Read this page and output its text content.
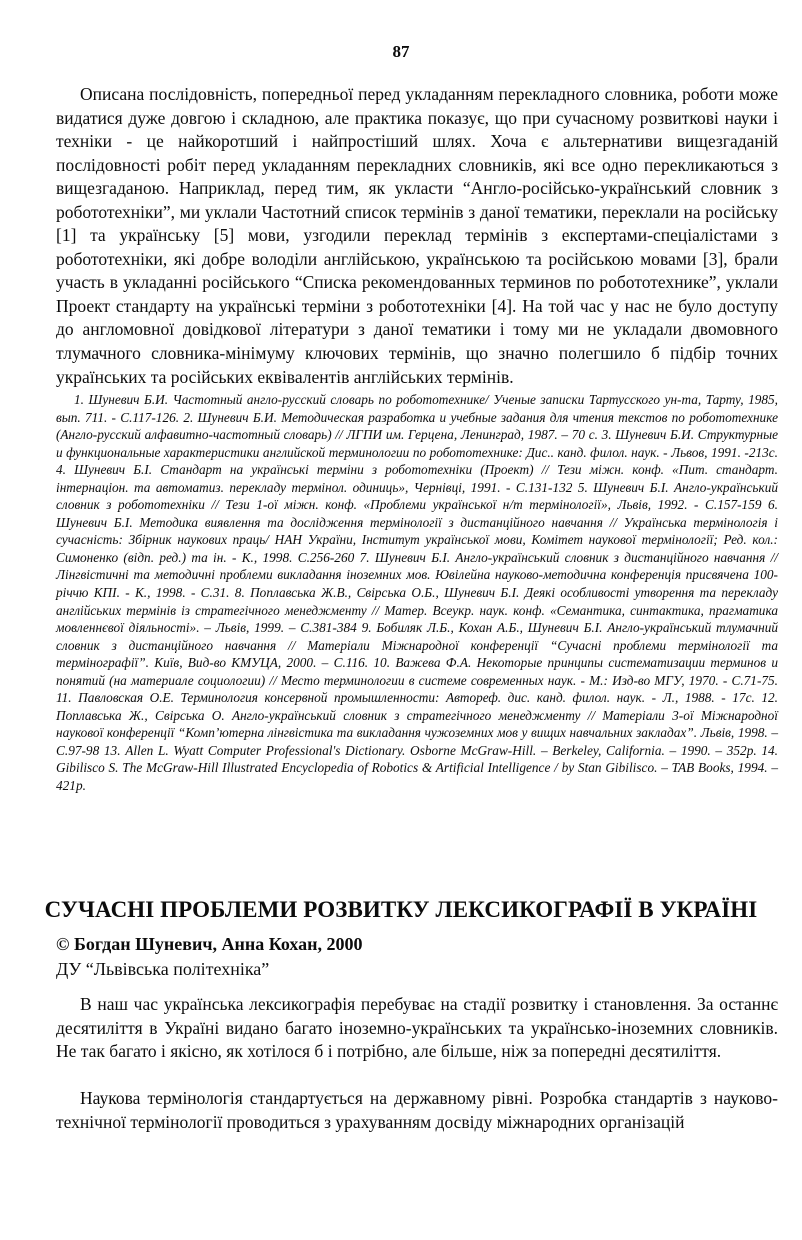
87

Описана послідовність, попередньої перед укладанням перекладного словника, роботи може видатися дуже довгою і складною, але практика показує, що при сучасному розвиткові науки і техніки - це найкоротший і найпростіший шлях. Хоча є альтернативи вищезгаданій послідовності робіт перед укладанням перекладних словників, які все одно перекликаються з вищезгаданою. Наприклад, перед тим, як укласти “Англо-російсько-український словник з робототехніки”, ми уклали Частотний список термінів з даної тематики, переклали на російську [1] та українську [5] мови, узгодили переклад термінів з експертами-спеціалістами з робототехніки, які добре володіли англійською, українською та російською мовами [3], брали участь в укладанні російського “Списка рекомендованных терминов по робототехнике”, уклали Проект стандарту на українські терміни з робототехніки [4]. На той час у нас не було доступу до англомовної довідкової літератури з даної тематики і тому ми не укладали двомовного тлумачного словника-мінімуму ключових термінів, що значно полегшило б підбір точних українських та російських еквівалентів англійських термінів.

1. Шуневич Б.И. Частотный англо-русский словарь по робототехнике/ Ученые записки Тартусского ун-та, Тарту, 1985, вып. 711. - С.117-126. 2. Шуневич Б.И. Методическая разработка и учебные задания для чтения текстов по робототехнике (Англо-русский алфавитно-частотный словарь) // ЛГПИ им. Герцена, Ленинград, 1987. – 70 с. 3. Шуневич Б.И. Структурные и функциональные характеристики английской терминологии по робототехнике: Дис.. канд. филол. наук. - Львов, 1991. -213с. 4. Шуневич Б.І. Стандарт на українські терміни з робототехніки (Проект) // Тези міжн. конф. «Пит. стандарт. інтернаціон. та автоматиз. перекладу термінол. одиниць», Чернівці, 1991. - С.131-132 5. Шуневич Б.І. Англо-український словник з робототехніки // Тези 1-ої міжн. конф. «Проблеми української н/т термінології», Львів, 1992. - С.157-159 6. Шуневич Б.І. Методика виявлення та дослідження термінології з дистанційного навчання // Українська термінологія і сучасність: Збірник наукових праць/ НАН України, Інститут української мови, Комітет наукової термінології; Ред. кол.: Симоненко (відп. ред.) та ін. - К., 1998. С.256-260 7. Шуневич Б.І. Англо-український словник з дистанційного навчання // Лінгвістичні та методичні проблеми викладання іноземних мов. Ювілейна науково-методична конференція присвячена 100-річчю КПІ. - К., 1998. - С.31. 8. Поплавська Ж.В., Свірська О.Б., Шуневич Б.І. Деякі особливості утворення та перекладу англійських термінів із стратегічного менеджменту // Матер. Всеукр. наук. конф. «Семантика, синтактика, прагматика мовленнєвої діяльності». – Львів, 1999. – С.381-384 9. Бобиляк Л.Б., Кохан А.Б., Шуневич Б.І. Англо-український тлумачний словник з дистанційного навчання // Матеріали Міжнародної конференції “Сучасні проблеми термінології та термінографії”. Київ, Вид-во КМУЦА, 2000. – С.116. 10. Важева Ф.А. Некоторые принципы систематизации терминов и понятий (на материале социологии) // Место терминологии в системе современных наук. - М.: Изд-во МГУ, 1970. - С.71-75. 11. Павловская О.Е. Терминология консервной промышленности: Автореф. дис. канд. филол. наук. - Л., 1988. - 17с. 12. Поплавська Ж., Свірська О. Англо-український словник з стратегічного менеджменту // Матеріали 3-ої Міжнародної наукової конференції “Комп’ютерна лінгвістика та викладання чужоземних мов у вищих навчальних закладах”. Львів, 1998. – С.97-98 13. Allen L. Wyatt Computer Professional's Dictionary. Osborne McGraw-Hill. – Berkeley, California. – 1990. – 352p. 14. Gibilisco S. The McGraw-Hill Illustrated Encyclopedia of Robotics & Artificial Intelligence / by Stan Gibilisco. – TAB Books, 1994. – 421p.

СУЧАСНІ ПРОБЛЕМИ РОЗВИТКУ ЛЕКСИКОГРАФІЇ В УКРАЇНІ

© Богдан Шуневич, Анна Кохан, 2000

ДУ “Львівська політехніка”

В наш час українська лексикографія перебуває на стадії розвитку і становлення. За останнє десятиліття в Україні видано багато іноземно-українських та українсько-іноземних словників. Не так багато і якісно, як хотілося б і потрібно, але більше, ніж за попередні десятиліття.

Наукова термінологія стандартується на державному рівні. Розробка стандартів з науково-технічної термінології проводиться з урахуванням досвіду міжнародних організацій
